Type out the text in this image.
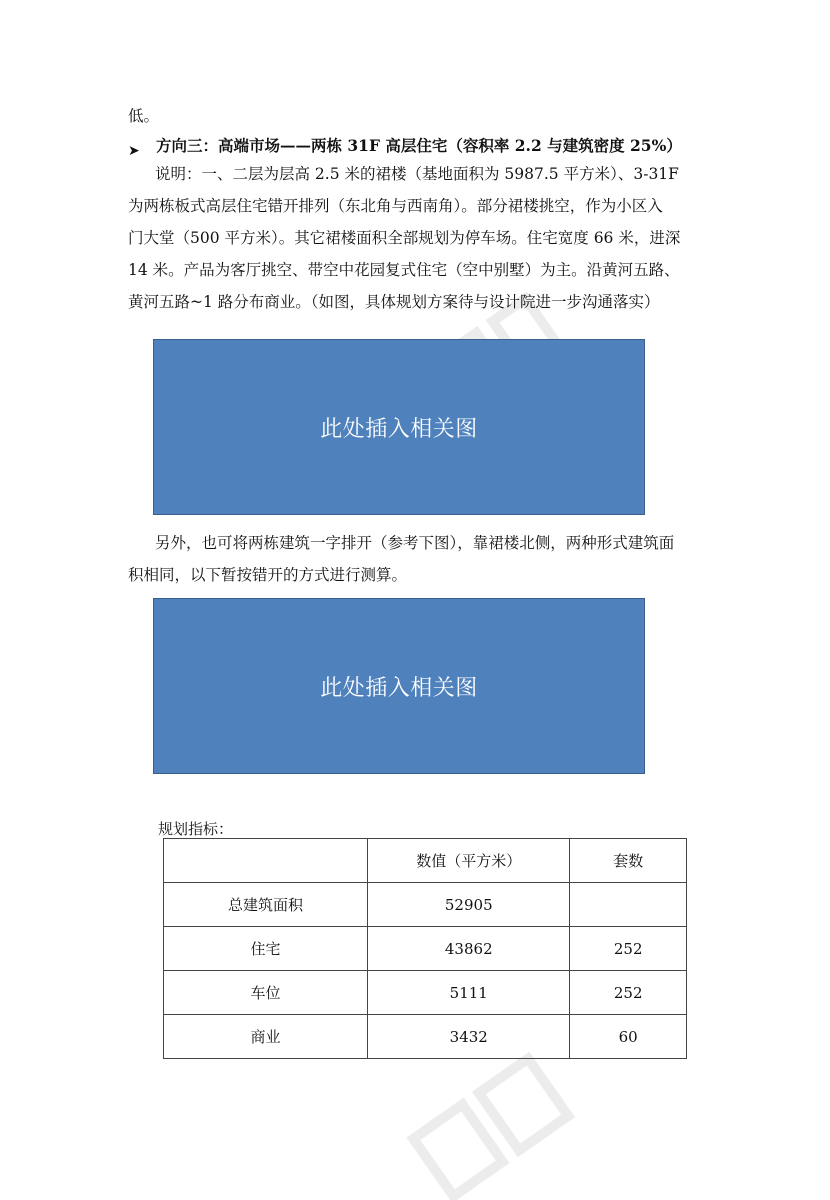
低。
➤ 方向三：高端市场——两栋 31F 高层住宅（容积率 2.2 与建筑密度 25%）
说明：一、二层为层高 2.5 米的裙楼（基地面积为 5987.5 平方米）、3-31F
为两栋板式高层住宅错开排列（东北角与西南角）。部分裙楼挑空，作为小区入
门大堂（500 平方米）。其它裙楼面积全部规划为停车场。住宅宽度 66 米，进深
14 米。产品为客厅挑空、带空中花园复式住宅（空中别墅）为主。沿黄河五路、
黄河五路~1 路分布商业。（如图，具体规划方案待与设计院进一步沟通落实）
此处插入相关图
另外，也可将两栋建筑一字排开（参考下图），靠裙楼北侧，两种形式建筑面
积相同，以下暂按错开的方式进行测算。
此处插入相关图
规划指标：
	数值（平方米）	套数
总建筑面积	52905	
住宅	43862	252
车位	5111	252
商业	3432	60
